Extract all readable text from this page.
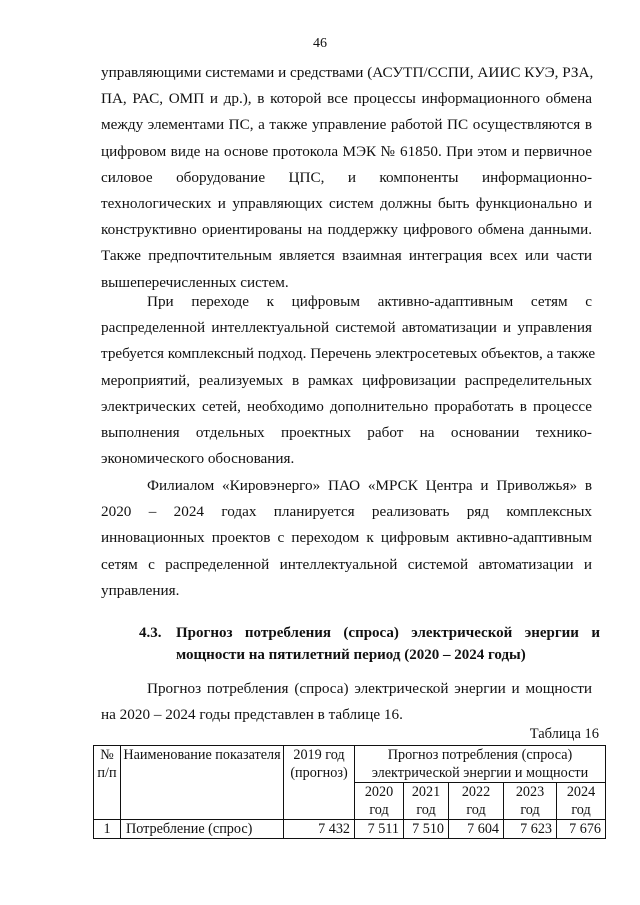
46
управляющими системами и средствами (АСУТП/ССПИ, АИИС КУЭ, РЗА,
ПА, РАС, ОМП и др.), в которой все процессы информационного обмена
между элементами ПС, а также управление работой ПС осуществляются в
цифровом виде на основе протокола МЭК № 61850. При этом и первичное
силовое оборудование ЦПС, и компоненты информационно-
технологических и управляющих систем должны быть функционально и
конструктивно ориентированы на поддержку цифрового обмена данными.
Также предпочтительным является взаимная интеграция всех или части
вышеперечисленных систем.
При переходе к цифровым активно-адаптивным сетям с
распределенной интеллектуальной системой автоматизации и управления
требуется комплексный подход. Перечень электросетевых объектов, а также
мероприятий, реализуемых в рамках цифровизации распределительных
электрических сетей, необходимо дополнительно проработать в процессе
выполнения отдельных проектных работ на основании технико-
экономического обоснования.
Филиалом «Кировэнерго» ПАО «МРСК Центра и Приволжья» в
2020 – 2024 годах планируется реализовать ряд комплексных
инновационных проектов с переходом к цифровым активно-адаптивным
сетям с распределенной интеллектуальной системой автоматизации и
управления.
4.3. Прогноз потребления (спроса) электрической энергии и
мощности на пятилетний период (2020 – 2024 годы)
Прогноз потребления (спроса) электрической энергии и мощности
на 2020 – 2024 годы представлен в таблице 16.
Таблица 16
№ п/п	Наименование показателя	2019 год (прогноз)	Прогноз потребления (спроса) электрической энергии и мощности				
			2020 год	2021 год	2022 год	2023 год	2024 год
1	Потребление (спрос)	7 432	7 511	7 510	7 604	7 623	7 676
